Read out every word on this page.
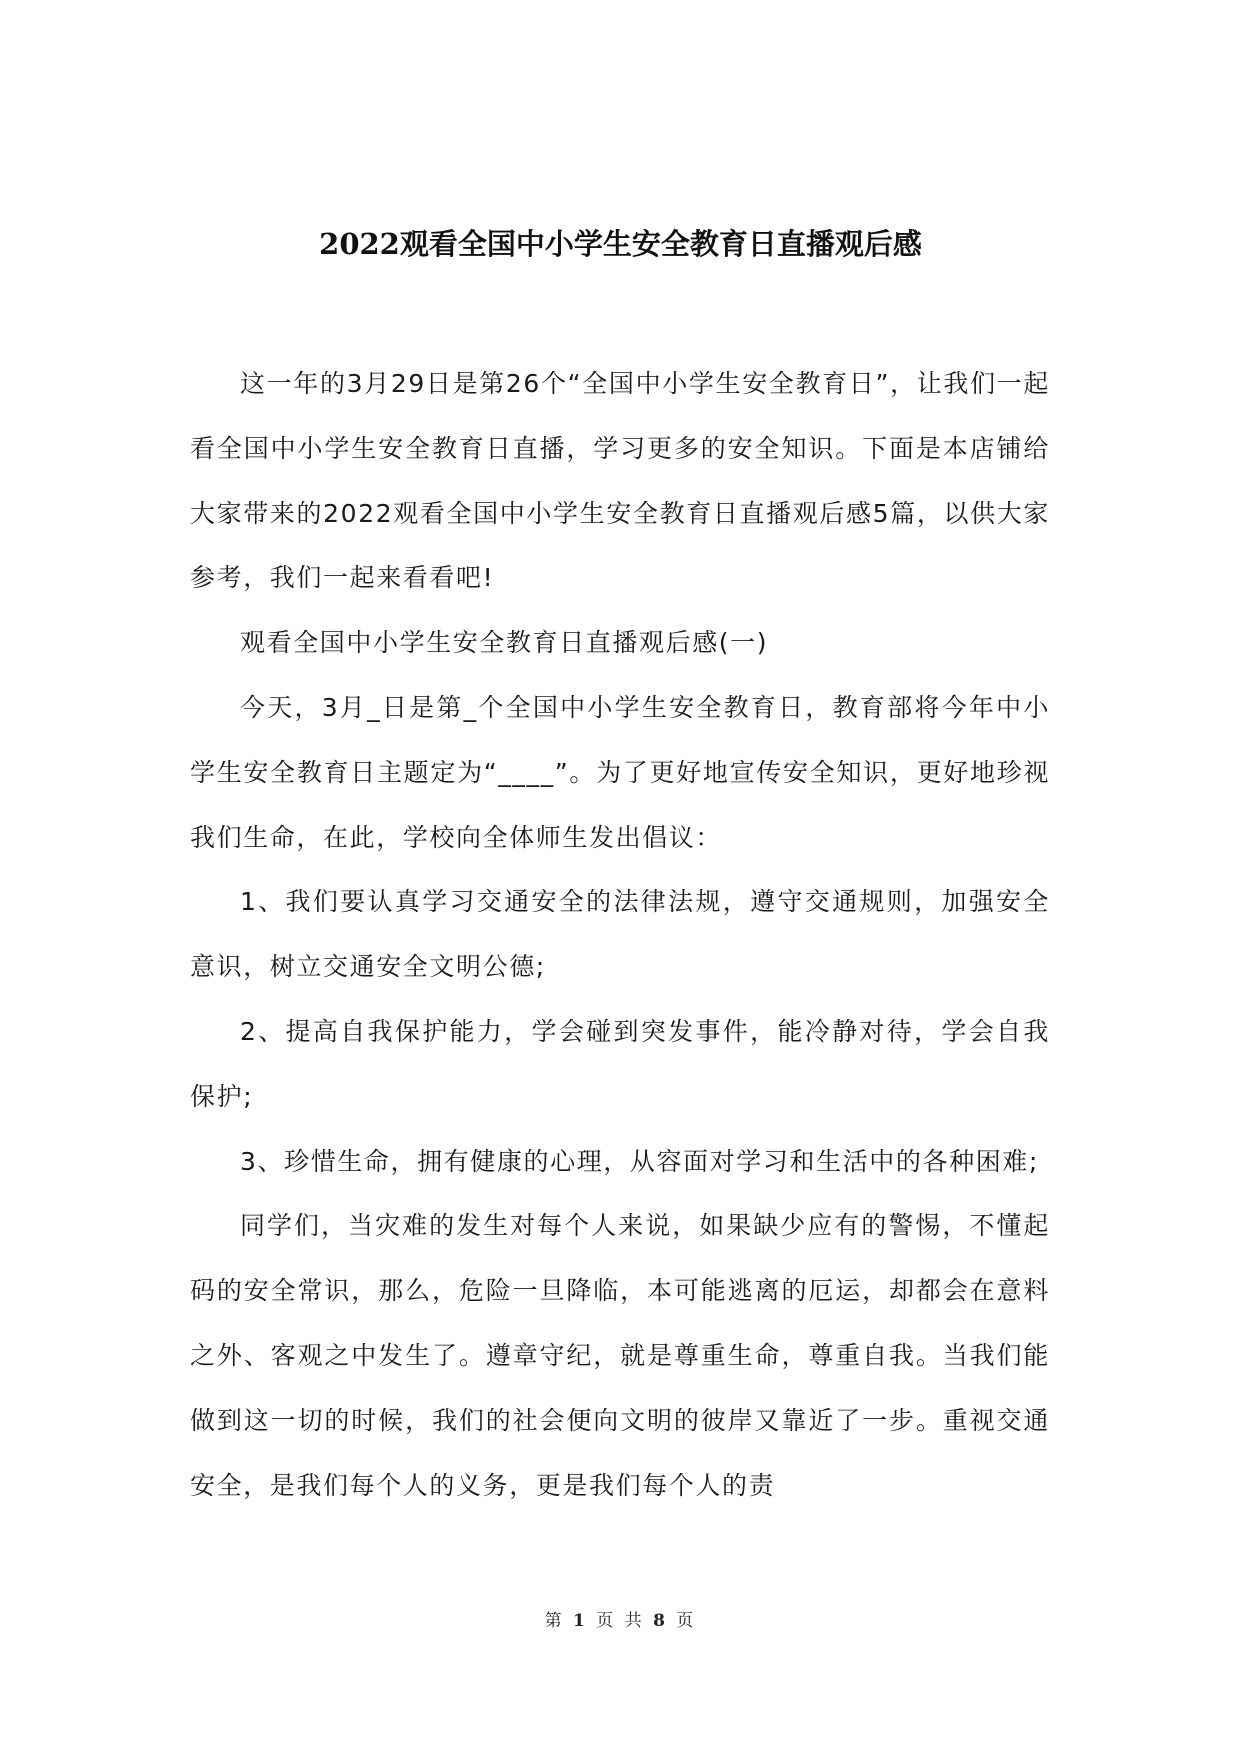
2022观看全国中小学生安全教育日直播观后感

这一年的3月29日是第26个“全国中小学生安全教育日”，让我们一起看全国中小学生安全教育日直播，学习更多的安全知识。下面是本店铺给大家带来的2022观看全国中小学生安全教育日直播观后感5篇，以供大家参考，我们一起来看看吧!

观看全国中小学生安全教育日直播观后感(一)

今天，3月_日是第_个全国中小学生安全教育日，教育部将今年中小学生安全教育日主题定为“____”。为了更好地宣传安全知识，更好地珍视我们生命，在此，学校向全体师生发出倡议：

1、我们要认真学习交通安全的法律法规，遵守交通规则，加强安全意识，树立交通安全文明公德;

2、提高自我保护能力，学会碰到突发事件，能冷静对待，学会自我保护;

3、珍惜生命，拥有健康的心理，从容面对学习和生活中的各种困难;

同学们，当灾难的发生对每个人来说，如果缺少应有的警惕，不懂起码的安全常识，那么，危险一旦降临，本可能逃离的厄运，却都会在意料之外、客观之中发生了。遵章守纪，就是尊重生命，尊重自我。当我们能做到这一切的时候，我们的社会便向文明的彼岸又靠近了一步。重视交通安全，是我们每个人的义务，更是我们每个人的责

第 1 页 共 8 页
